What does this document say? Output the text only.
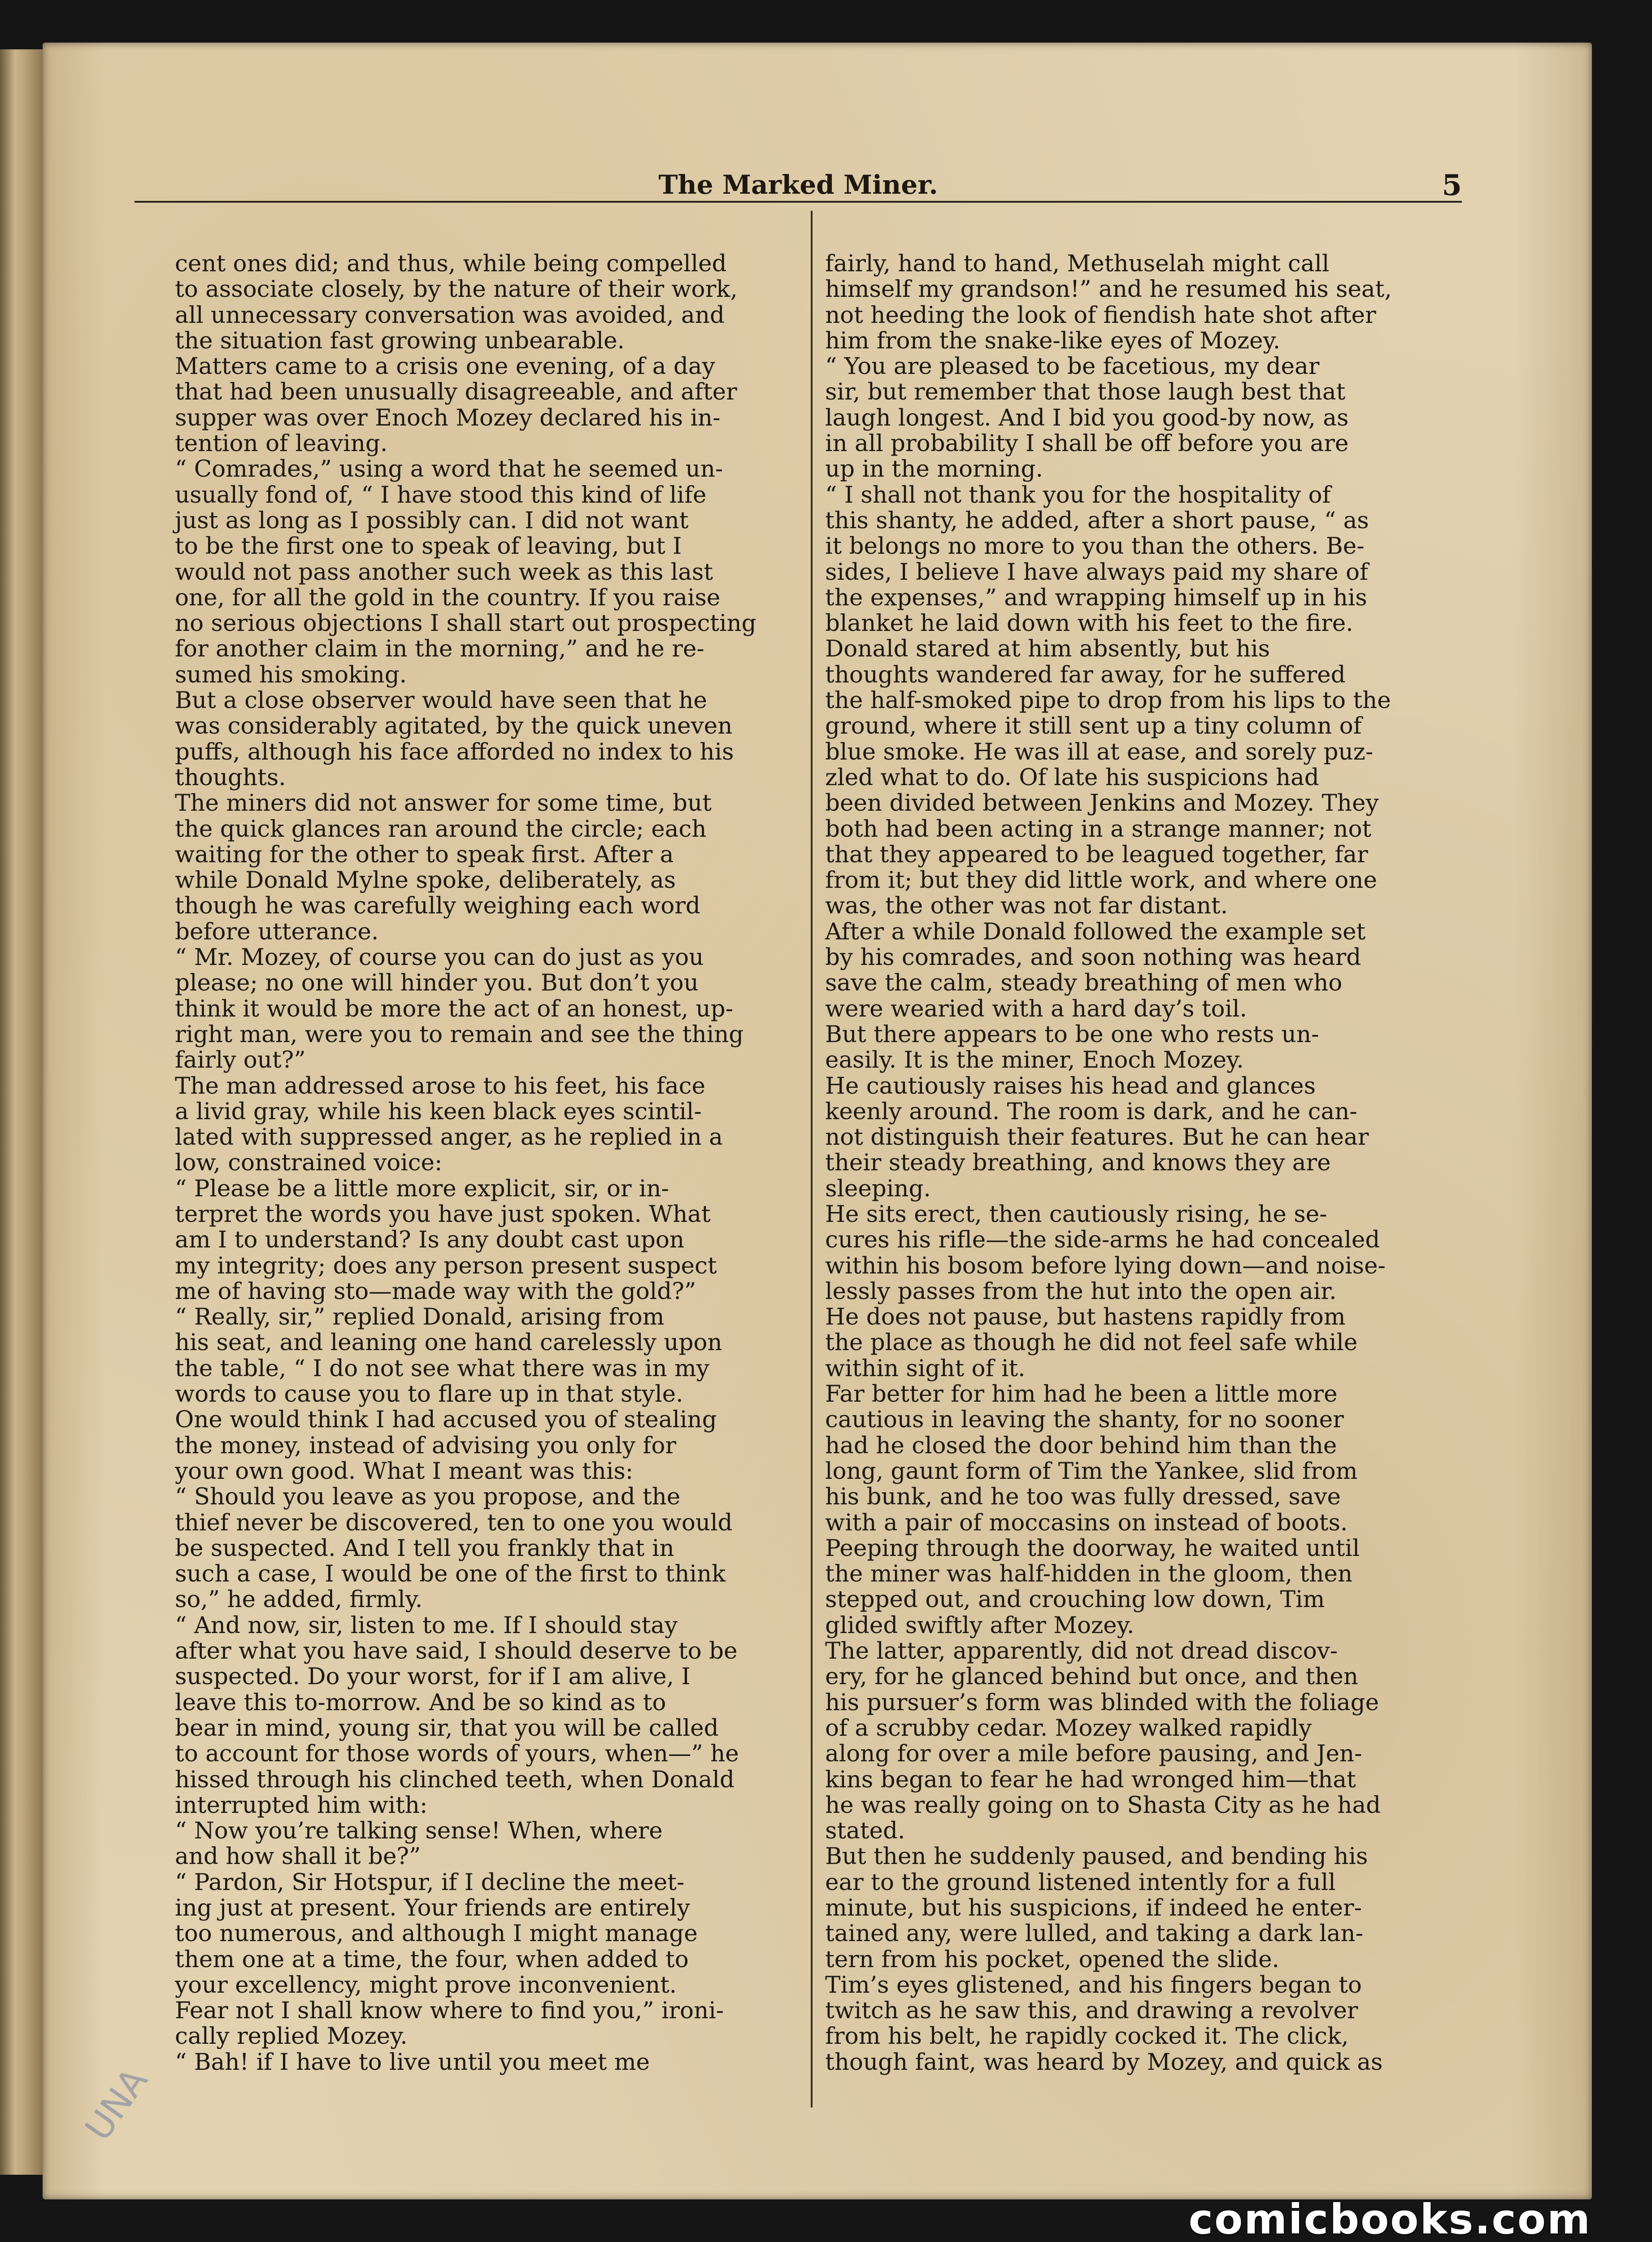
The Marked Miner.	5

cent ones did; and thus, while being compelled
to associate closely, by the nature of their work,
all unnecessary conversation was avoided, and
the situation fast growing unbearable.

Matters came to a crisis one evening, of a day
that had been unusually disagreeable, and after
supper was over Enoch Mozey declared his in-
tention of leaving.

“ Comrades,” using a word that he seemed un-
usually fond of, “ I have stood this kind of life
just as long as I possibly can. I did not want
to be the first one to speak of leaving, but I
would not pass another such week as this last
one, for all the gold in the country. If you raise
no serious objections I shall start out prospecting
for another claim in the morning,” and he re-
sumed his smoking.

But a close observer would have seen that he
was considerably agitated, by the quick uneven
puffs, although his face afforded no index to his
thoughts.

The miners did not answer for some time, but
the quick glances ran around the circle; each
waiting for the other to speak first. After a
while Donald Mylne spoke, deliberately, as
though he was carefully weighing each word
before utterance.

“ Mr. Mozey, of course you can do just as you
please; no one will hinder you. But don’t you
think it would be more the act of an honest, up-
right man, were you to remain and see the thing
fairly out?”

The man addressed arose to his feet, his face
a livid gray, while his keen black eyes scintil-
lated with suppressed anger, as he replied in a
low, constrained voice:

“ Please be a little more explicit, sir, or in-
terpret the words you have just spoken. What
am I to understand? Is any doubt cast upon
my integrity; does any person present suspect
me of having sto—made way with the gold?”

“ Really, sir,” replied Donald, arising from
his seat, and leaning one hand carelessly upon
the table, “ I do not see what there was in my
words to cause you to flare up in that style.
One would think I had accused you of stealing
the money, instead of advising you only for
your own good. What I meant was this:

“ Should you leave as you propose, and the
thief never be discovered, ten to one you would
be suspected. And I tell you frankly that in
such a case, I would be one of the first to think
so,” he added, firmly.

“ And now, sir, listen to me. If I should stay
after what you have said, I should deserve to be
suspected. Do your worst, for if I am alive, I
leave this to-morrow. And be so kind as to
bear in mind, young sir, that you will be called
to account for those words of yours, when—” he
hissed through his clinched teeth, when Donald
interrupted him with:

“ Now you’re talking sense! When, where
and how shall it be?”

“ Pardon, Sir Hotspur, if I decline the meet-
ing just at present. Your friends are entirely
too numerous, and although I might manage
them one at a time, the four, when added to
your excellency, might prove inconvenient.
Fear not I shall know where to find you,” ironi-
cally replied Mozey.

“ Bah! if I have to live until you meet me

fairly, hand to hand, Methuselah might call
himself my grandson!” and he resumed his seat,
not heeding the look of fiendish hate shot after
him from the snake-like eyes of Mozey.

“ You are pleased to be facetious, my dear
sir, but remember that those laugh best that
laugh longest. And I bid you good-by now, as
in all probability I shall be off before you are
up in the morning.

“ I shall not thank you for the hospitality of
this shanty, he added, after a short pause, “ as
it belongs no more to you than the others. Be-
sides, I believe I have always paid my share of
the expenses,” and wrapping himself up in his
blanket he laid down with his feet to the fire.

Donald stared at him absently, but his
thoughts wandered far away, for he suffered
the half-smoked pipe to drop from his lips to the
ground, where it still sent up a tiny column of
blue smoke. He was ill at ease, and sorely puz-
zled what to do. Of late his suspicions had
been divided between Jenkins and Mozey. They
both had been acting in a strange manner; not
that they appeared to be leagued together, far
from it; but they did little work, and where one
was, the other was not far distant.

After a while Donald followed the example set
by his comrades, and soon nothing was heard
save the calm, steady breathing of men who
were wearied with a hard day’s toil.

But there appears to be one who rests un-
easily. It is the miner, Enoch Mozey.

He cautiously raises his head and glances
keenly around. The room is dark, and he can-
not distinguish their features. But he can hear
their steady breathing, and knows they are
sleeping.

He sits erect, then cautiously rising, he se-
cures his rifle—the side-arms he had concealed
within his bosom before lying down—and noise-
lessly passes from the hut into the open air.

He does not pause, but hastens rapidly from
the place as though he did not feel safe while
within sight of it.

Far better for him had he been a little more
cautious in leaving the shanty, for no sooner
had he closed the door behind him than the
long, gaunt form of Tim the Yankee, slid from
his bunk, and he too was fully dressed, save
with a pair of moccasins on instead of boots.

Peeping through the doorway, he waited until
the miner was half-hidden in the gloom, then
stepped out, and crouching low down, Tim
glided swiftly after Mozey.

The latter, apparently, did not dread discov-
ery, for he glanced behind but once, and then
his pursuer’s form was blinded with the foliage
of a scrubby cedar. Mozey walked rapidly
along for over a mile before pausing, and Jen-
kins began to fear he had wronged him—that
he was really going on to Shasta City as he had
stated.

But then he suddenly paused, and bending his
ear to the ground listened intently for a full
minute, but his suspicions, if indeed he enter-
tained any, were lulled, and taking a dark lan-
tern from his pocket, opened the slide.

Tim’s eyes glistened, and his fingers began to
twitch as he saw this, and drawing a revolver
from his belt, he rapidly cocked it. The click,
though faint, was heard by Mozey, and quick as

UNA
comicbooks.com
